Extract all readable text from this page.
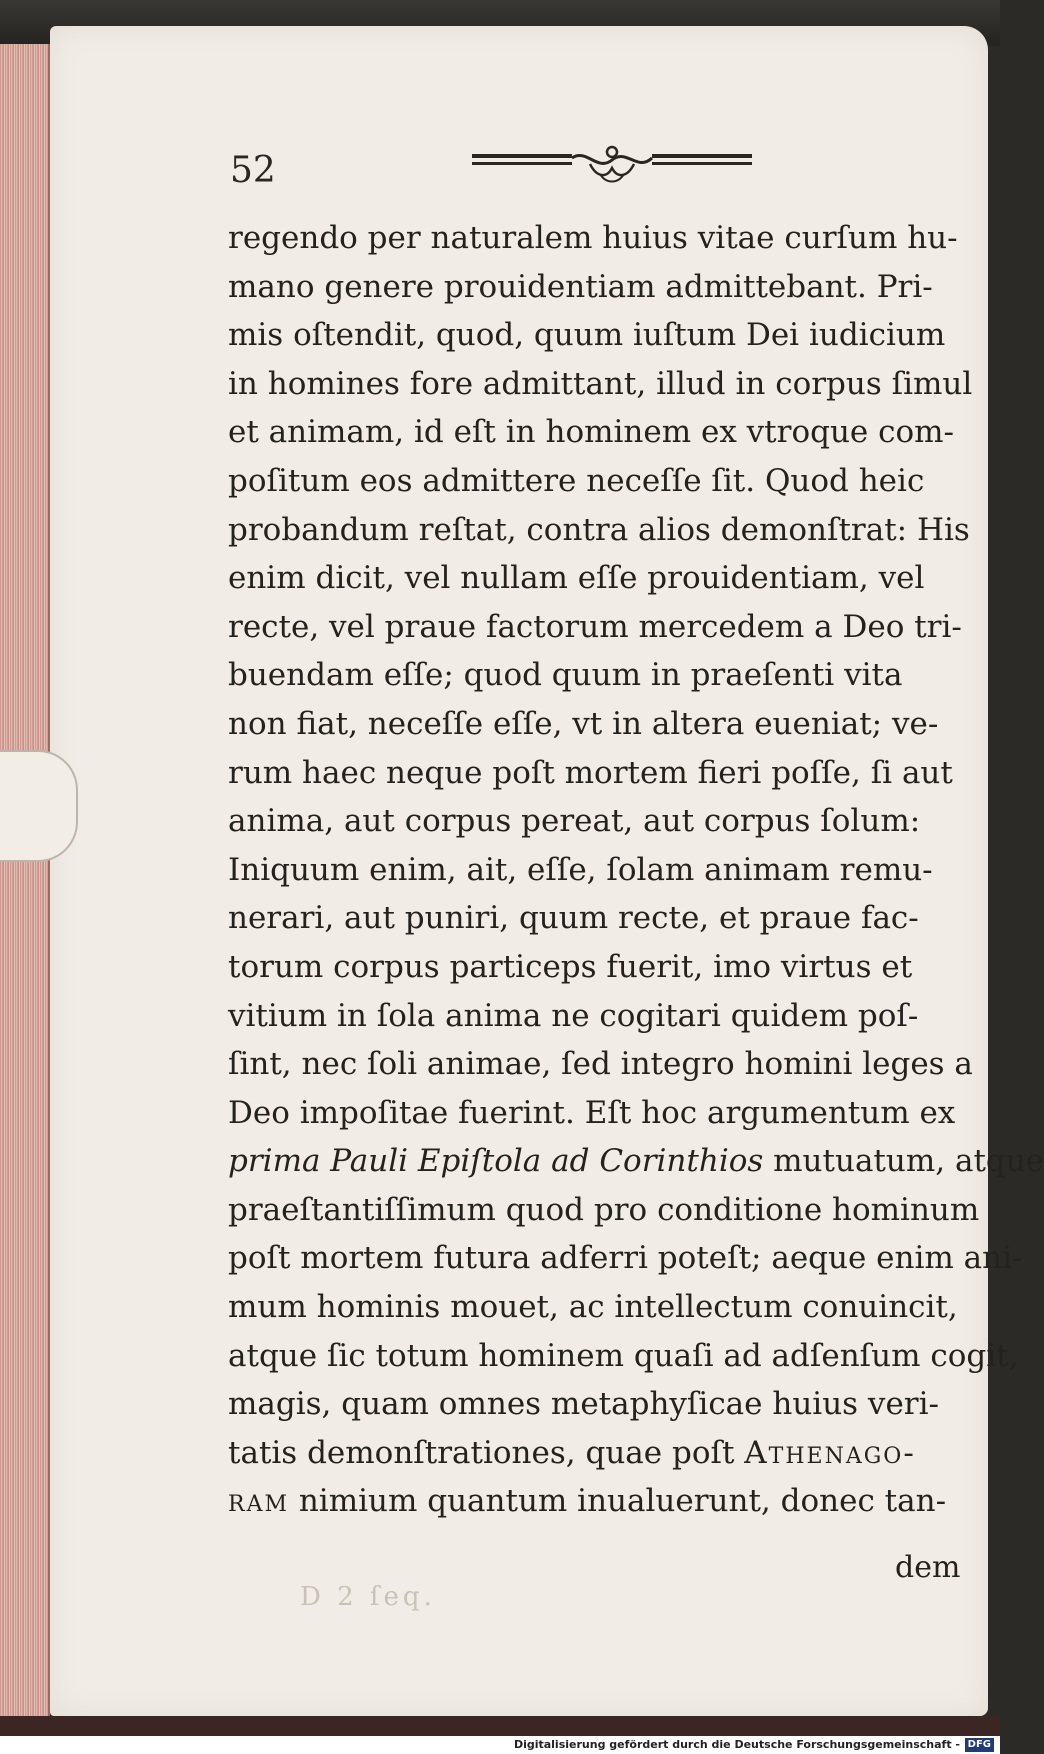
52
regendo per naturalem huius vitae curſum hu-
mano genere prouidentiam admittebant. Pri-
mis oſtendit, quod, quum iuſtum Dei iudicium
in homines fore admittant, illud in corpus ſimul
et animam, id eſt in hominem ex vtroque com-
poſitum eos admittere neceſſe ſit. Quod heic
probandum reſtat, contra alios demonſtrat: His
enim dicit, vel nullam eſſe prouidentiam, vel
recte, vel praue factorum mercedem a Deo tri-
buendam eſſe; quod quum in praeſenti vita
non fiat, neceſſe eſſe, vt in altera eueniat; ve-
rum haec neque poſt mortem fieri poſſe, ſi aut
anima, aut corpus pereat, aut corpus ſolum:
Iniquum enim, ait, eſſe, ſolam animam remu-
nerari, aut puniri, quum recte, et praue fac-
torum corpus particeps fuerit, imo virtus et
vitium in ſola anima ne cogitari quidem poſ-
ſint, nec ſoli animae, ſed integro homini leges a
Deo impoſitae fuerint. Eſt hoc argumentum ex
prima Pauli Epiſtola ad Corinthios mutuatum, atque
praeſtantiſſimum quod pro conditione hominum
poſt mortem futura adferri poteſt; aeque enim ani-
mum hominis mouet, ac intellectum conuincit,
atque ſic totum hominem quaſi ad adſenſum cogit,
magis, quam omnes metaphyſicae huius veri-
tatis demonſtrationes, quae poſt Athenago-
ram nimium quantum inualuerunt, donec tan-
D 2 ſeq.
dem
Digitalisierung gefördert durch die Deutsche Forschungsgemeinschaft - DFG
